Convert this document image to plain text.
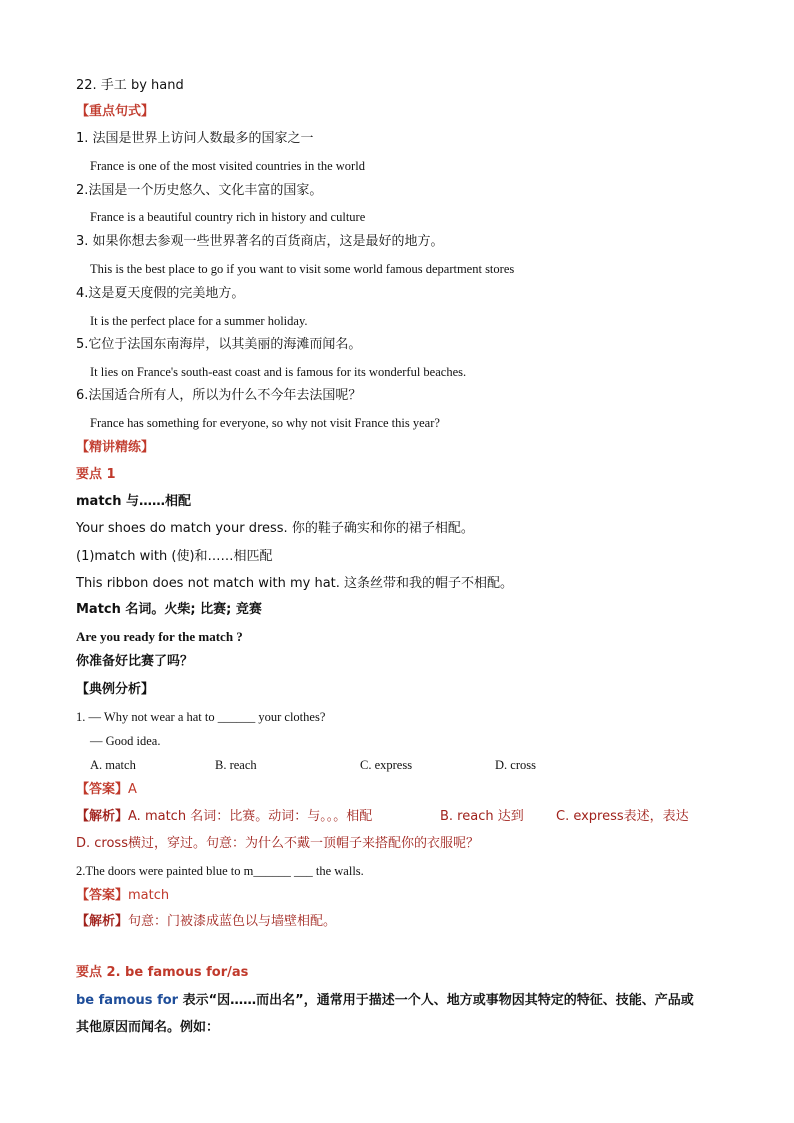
22. 手工 by hand
【重点句式】
1. 法国是世界上访问人数最多的国家之一
France is one of the most visited countries in the world
2.法国是一个历史悠久、文化丰富的国家。
France is a beautiful country rich in history and culture
3. 如果你想去参观一些世界著名的百货商店，这是最好的地方。
This is the best place to go if you want to visit some world famous department stores
4.这是夏天度假的完美地方。
It is the perfect place for a summer holiday.
5.它位于法国东南海岸，以其美丽的海滩而闻名。
It lies on France's south-east coast and is famous for its wonderful beaches.
6.法国适合所有人，所以为什么不今年去法国呢？
France has something for everyone, so why not visit France this year?
【精讲精练】
要点 1
match 与……相配
Your shoes do match your dress. 你的鞋子确实和你的裙子相配。
(1)match with (使)和……相匹配
This ribbon does not match with my hat. 这条丝带和我的帽子不相配。
Match 名词。火柴; 比赛; 竞赛
Are you ready for the match ?
你准备好比赛了吗？
【典例分析】
1. — Why not wear a hat to ______ your clothes?
— Good idea.
A. match	B. reach	C. express	D. cross
【答案】A
【解析】A. match 名词：比赛。动词：与。。。相配	B. reach 达到 C. express表述，表达
D. cross横过，穿过。句意：为什么不戴一顶帽子来搭配你的衣服呢？
2.The doors were painted blue to m______ ___ the walls.
【答案】match
【解析】句意：门被漆成蓝色以与墙壁相配。
要点 2. be famous for/as
be famous for 表示“因……而出名”，通常用于描述一个人、地方或事物因其特定的特征、技能、产品或
其他原因而闻名。例如：
